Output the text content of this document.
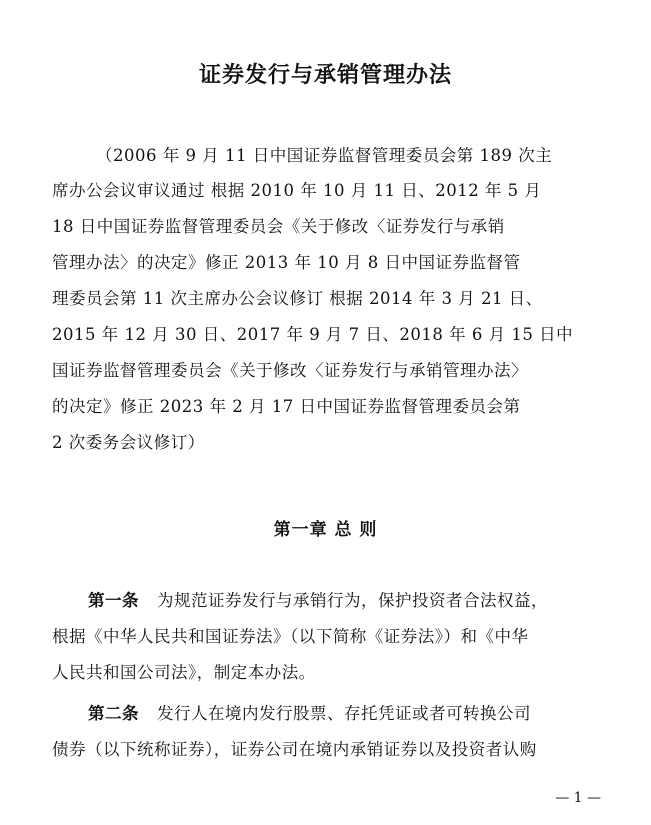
证券发行与承销管理办法
（2006 年 9 月 11 日中国证券监督管理委员会第 189 次主
席办公会议审议通过 根据 2010 年 10 月 11 日、2012 年 5 月
18 日中国证券监督管理委员会《关于修改〈证券发行与承销
管理办法〉的决定》修正 2013 年 10 月 8 日中国证券监督管
理委员会第 11 次主席办公会议修订 根据 2014 年 3 月 21 日、
2015 年 12 月 30 日、2017 年 9 月 7 日、2018 年 6 月 15 日中
国证券监督管理委员会《关于修改〈证券发行与承销管理办法〉
的决定》修正 2023 年 2 月 17 日中国证券监督管理委员会第
2 次委务会议修订）
第一章 总 则
第一条 为规范证券发行与承销行为，保护投资者合法权益，
根据《中华人民共和国证券法》（以下简称《证券法》）和《中华
人民共和国公司法》，制定本办法。
第二条 发行人在境内发行股票、存托凭证或者可转换公司
债券（以下统称证券），证券公司在境内承销证券以及投资者认购
— 1 —
